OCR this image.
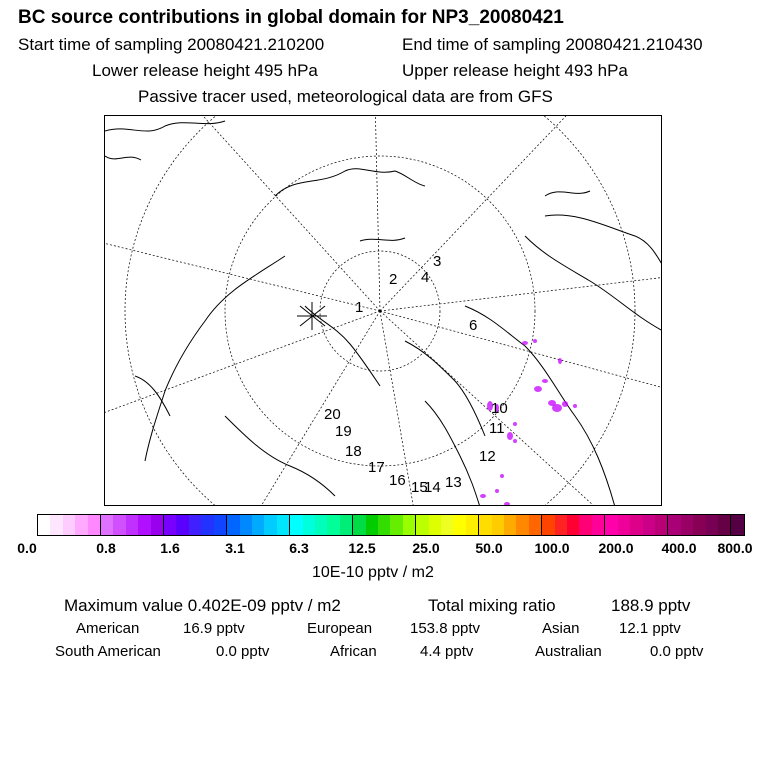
BC source contributions in global domain for NP3_20080421
Start time of sampling 20080421.210200	End time of sampling 20080421.210430
Lower release height 495 hPa	Upper release height 493 hPa
Passive tracer used, meteorological data are from GFS
1
2
3
4
6
10
11
12
13
14
15
16
17
18
19
20
0.0	0.8	1.6	3.1	6.3	12.5	25.0	50.0 100.0 200.0 400.0 800.0
10E-10 pptv / m2
Maximum value 0.402E-09 pptv / m2	Total mixing ratio	188.9 pptv
American	16.9 pptv	European	153.8 pptv	Asian	12.1 pptv
South American	0.0 pptv	African	4.4 pptv	Australian	0.0 pptv
